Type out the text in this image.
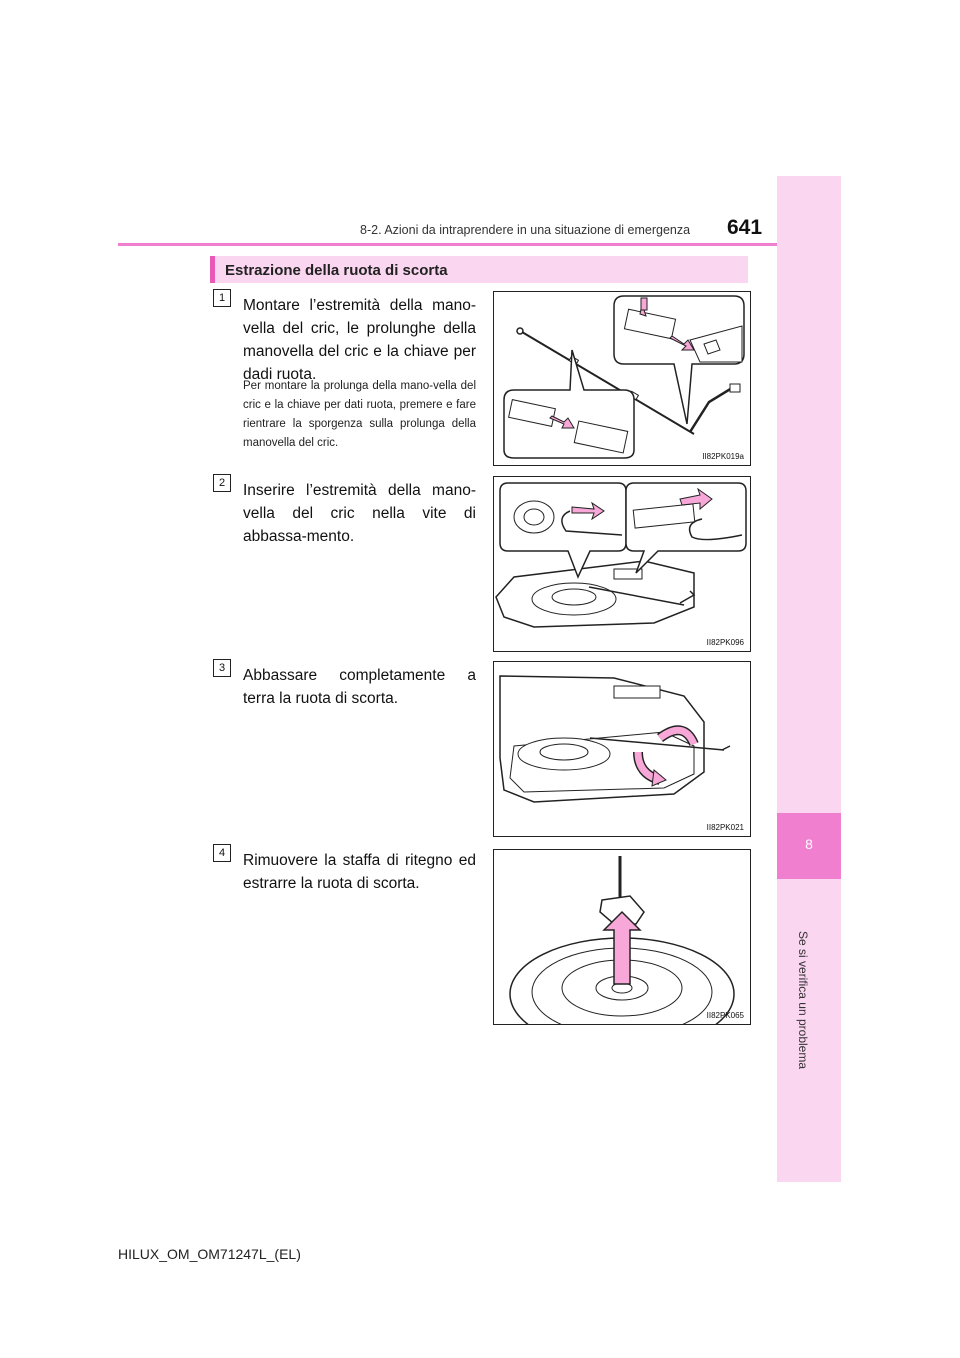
8
Se si verifica un problema
8-2. Azioni da intraprendere in una situazione di emergenza 641
Estrazione della ruota di scorta
1	Montare l’estremità della mano-vella del cric, le prolunghe della manovella del cric e la chiave per dadi ruota.
Per montare la prolunga della mano-vella del cric e la chiave per dati ruota, premere e fare rientrare la sporgenza sulla prolunga della manovella del cric.
II82PK019a
2	Inserire l’estremità della mano-vella del cric nella vite di abbassa-mento.
II82PK096
3	Abbassare completamente a terra la ruota di scorta.
II82PK021
4	Rimuovere la staffa di ritegno ed estrarre la ruota di scorta.
II82PK065
HILUX_OM_OM71247L_(EL)
